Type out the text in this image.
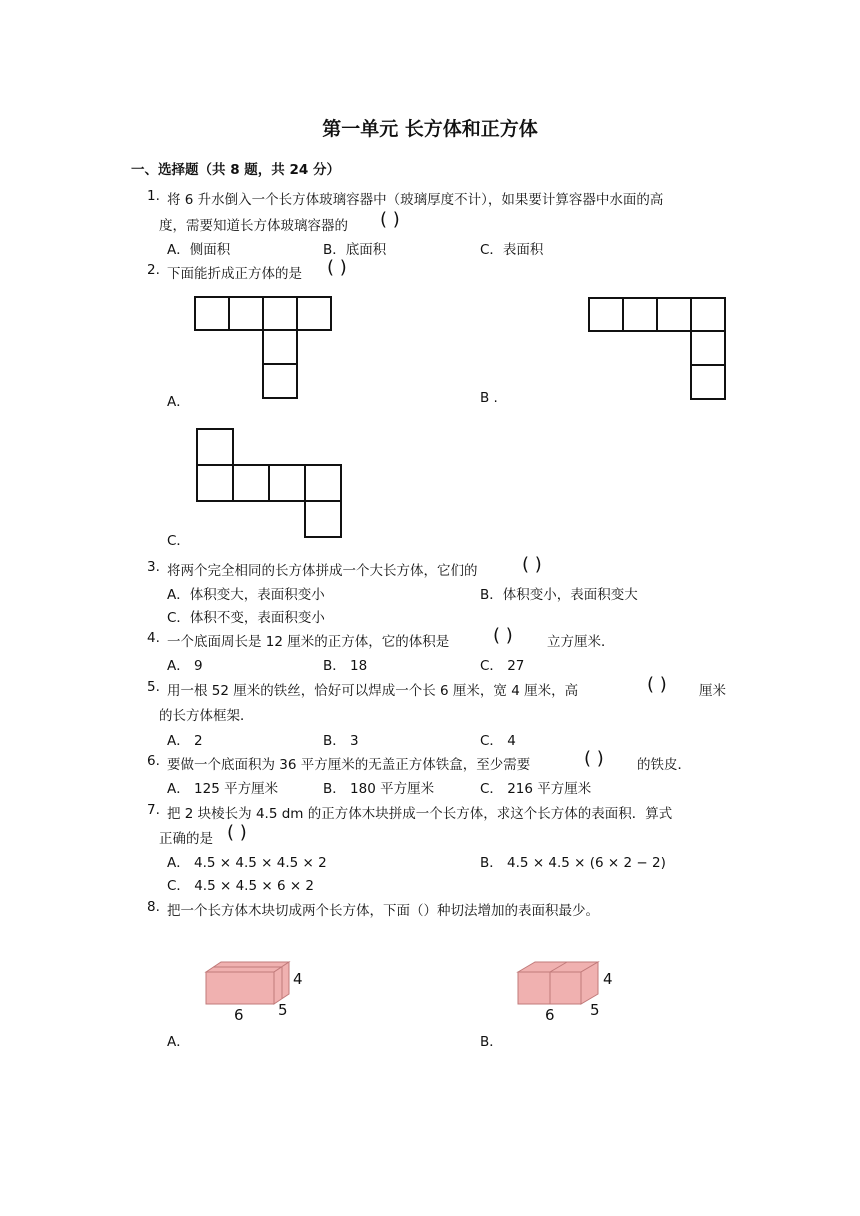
第一单元 长方体和正方体
一、选择题（共 8 题，共 24 分）
1. 将 6 升水倒入一个长方体玻璃容器中（玻璃厚度不计），如果要计算容器中水面的高
度，需要知道长方体玻璃容器的 ( )
A．侧面积	B．底面积	C．表面积
2. 下面能折成正方体的是 ( )
A．	B .
C．
3. 将两个完全相同的长方体拼成一个大长方体，它们的 ( )
A．体积变大，表面积变小	B．体积变小，表面积变大
C．体积不变，表面积变小
4. 一个底面周长是 12 厘米的正方体，它的体积是 ( )	立方厘米．
A． 9	B． 18	C． 27
5. 用一根 52 厘米的铁丝，恰好可以焊成一个长 6 厘米，宽 4 厘米，高	( ) 厘米
的长方体框架．
A． 2	B． 3	C． 4
6. 要做一个底面积为 36 平方厘米的无盖正方体铁盒，至少需要	( ) 的铁皮．
A． 125 平方厘米	B． 180 平方厘米	C． 216 平方厘米
7. 把 2 块棱长为 4.5 dm 的正方体木块拼成一个长方体，求这个长方体的表面积．算式
正确的是 ( )
A． 4.5 × 4.5 × 4.5 × 2	B． 4.5 × 4.5 × (6 × 2 − 2)
C． 4.5 × 4.5 × 6 × 2
8. 把一个长方体木块切成两个长方体，下面（）种切法增加的表面积最少。
4
6 5
A．
4
6 5
B．
